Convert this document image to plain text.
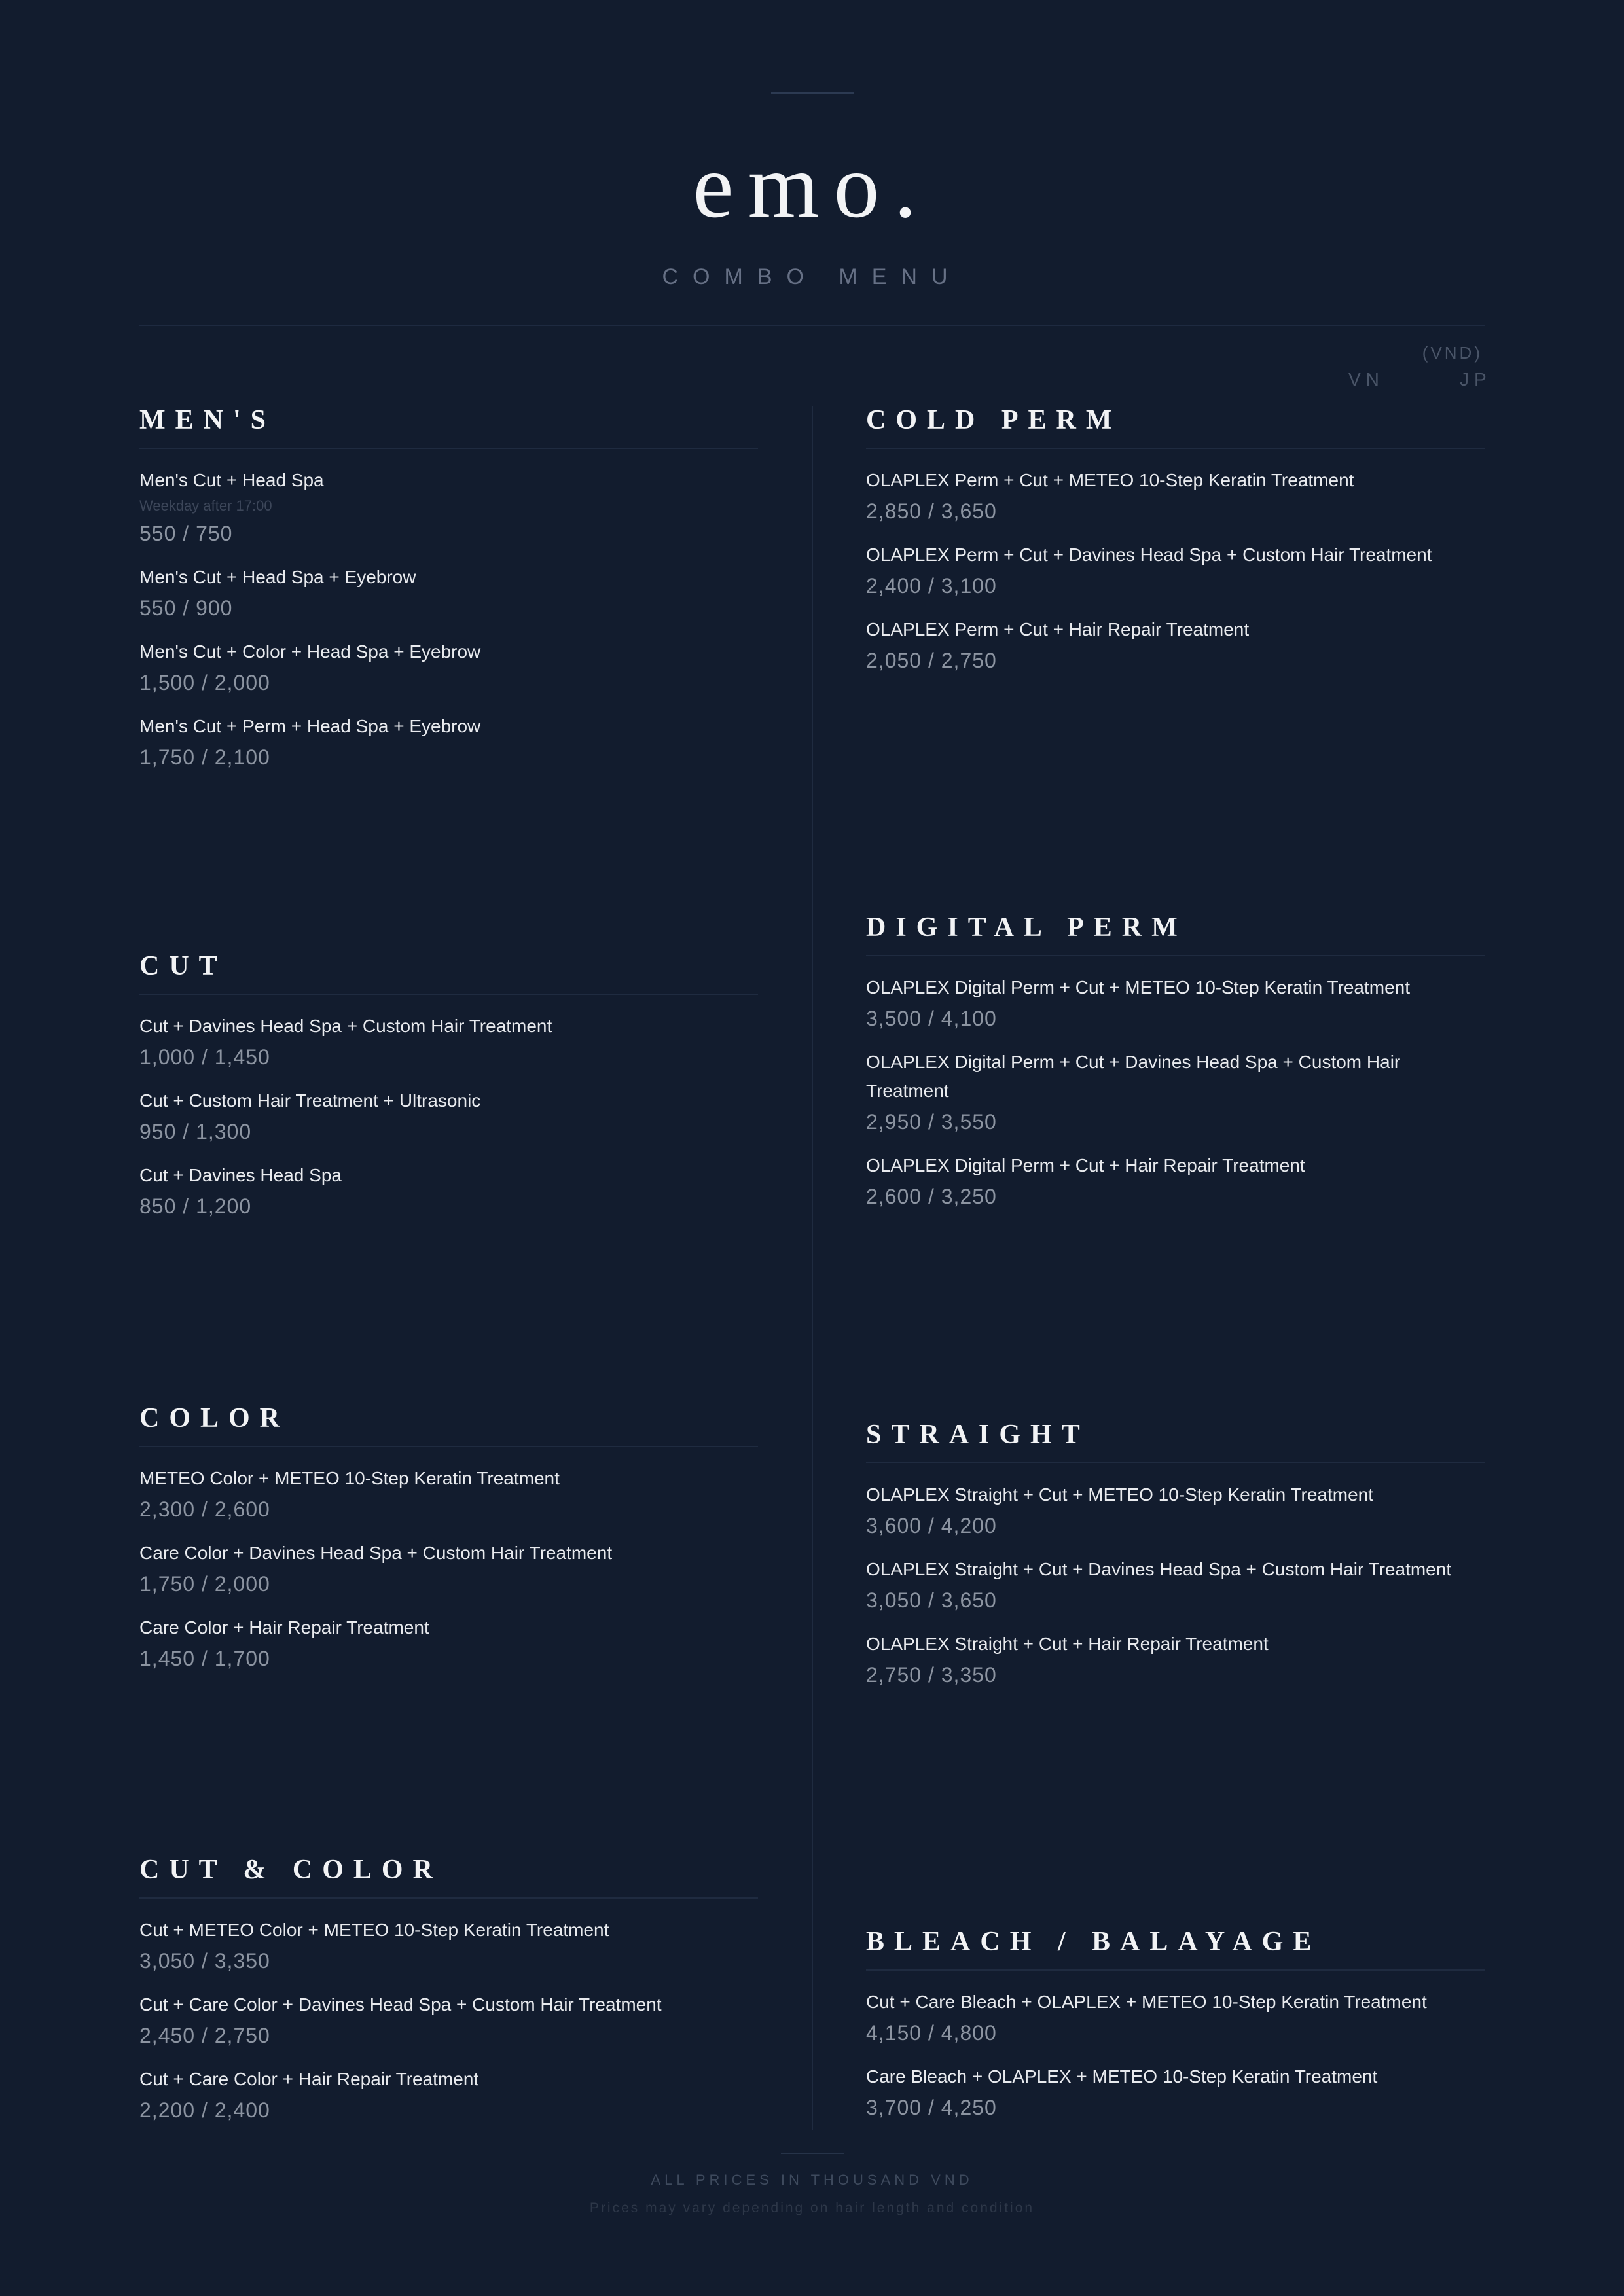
emo.
COMBO MENU
(VND)
VN	JP
MEN'S
Men's Cut + Head Spa
Weekday after 17:00
550 / 750
Men's Cut + Head Spa + Eyebrow
550 / 900
Men's Cut + Color + Head Spa + Eyebrow
1,500 / 2,000
Men's Cut + Perm + Head Spa + Eyebrow
1,750 / 2,100
COLD PERM
OLAPLEX Perm + Cut + METEO 10-Step Keratin Treatment
2,850 / 3,650
OLAPLEX Perm + Cut + Davines Head Spa + Custom Hair Treatment
2,400 / 3,100
OLAPLEX Perm + Cut + Hair Repair Treatment
2,050 / 2,750
CUT
Cut + Davines Head Spa + Custom Hair Treatment
1,000 / 1,450
Cut + Custom Hair Treatment + Ultrasonic
950 / 1,300
Cut + Davines Head Spa
850 / 1,200
DIGITAL PERM
OLAPLEX Digital Perm + Cut + METEO 10-Step Keratin Treatment
3,500 / 4,100
OLAPLEX Digital Perm + Cut + Davines Head Spa + Custom Hair Treatment
2,950 / 3,550
OLAPLEX Digital Perm + Cut + Hair Repair Treatment
2,600 / 3,250
COLOR
METEO Color + METEO 10-Step Keratin Treatment
2,300 / 2,600
Care Color + Davines Head Spa + Custom Hair Treatment
1,750 / 2,000
Care Color + Hair Repair Treatment
1,450 / 1,700
STRAIGHT
OLAPLEX Straight + Cut + METEO 10-Step Keratin Treatment
3,600 / 4,200
OLAPLEX Straight + Cut + Davines Head Spa + Custom Hair Treatment
3,050 / 3,650
OLAPLEX Straight + Cut + Hair Repair Treatment
2,750 / 3,350
CUT & COLOR
Cut + METEO Color + METEO 10-Step Keratin Treatment
3,050 / 3,350
Cut + Care Color + Davines Head Spa + Custom Hair Treatment
2,450 / 2,750
Cut + Care Color + Hair Repair Treatment
2,200 / 2,400
BLEACH / BALAYAGE
Cut + Care Bleach + OLAPLEX + METEO 10-Step Keratin Treatment
4,150 / 4,800
Care Bleach + OLAPLEX + METEO 10-Step Keratin Treatment
3,700 / 4,250
ALL PRICES IN THOUSAND VND
Prices may vary depending on hair length and condition
